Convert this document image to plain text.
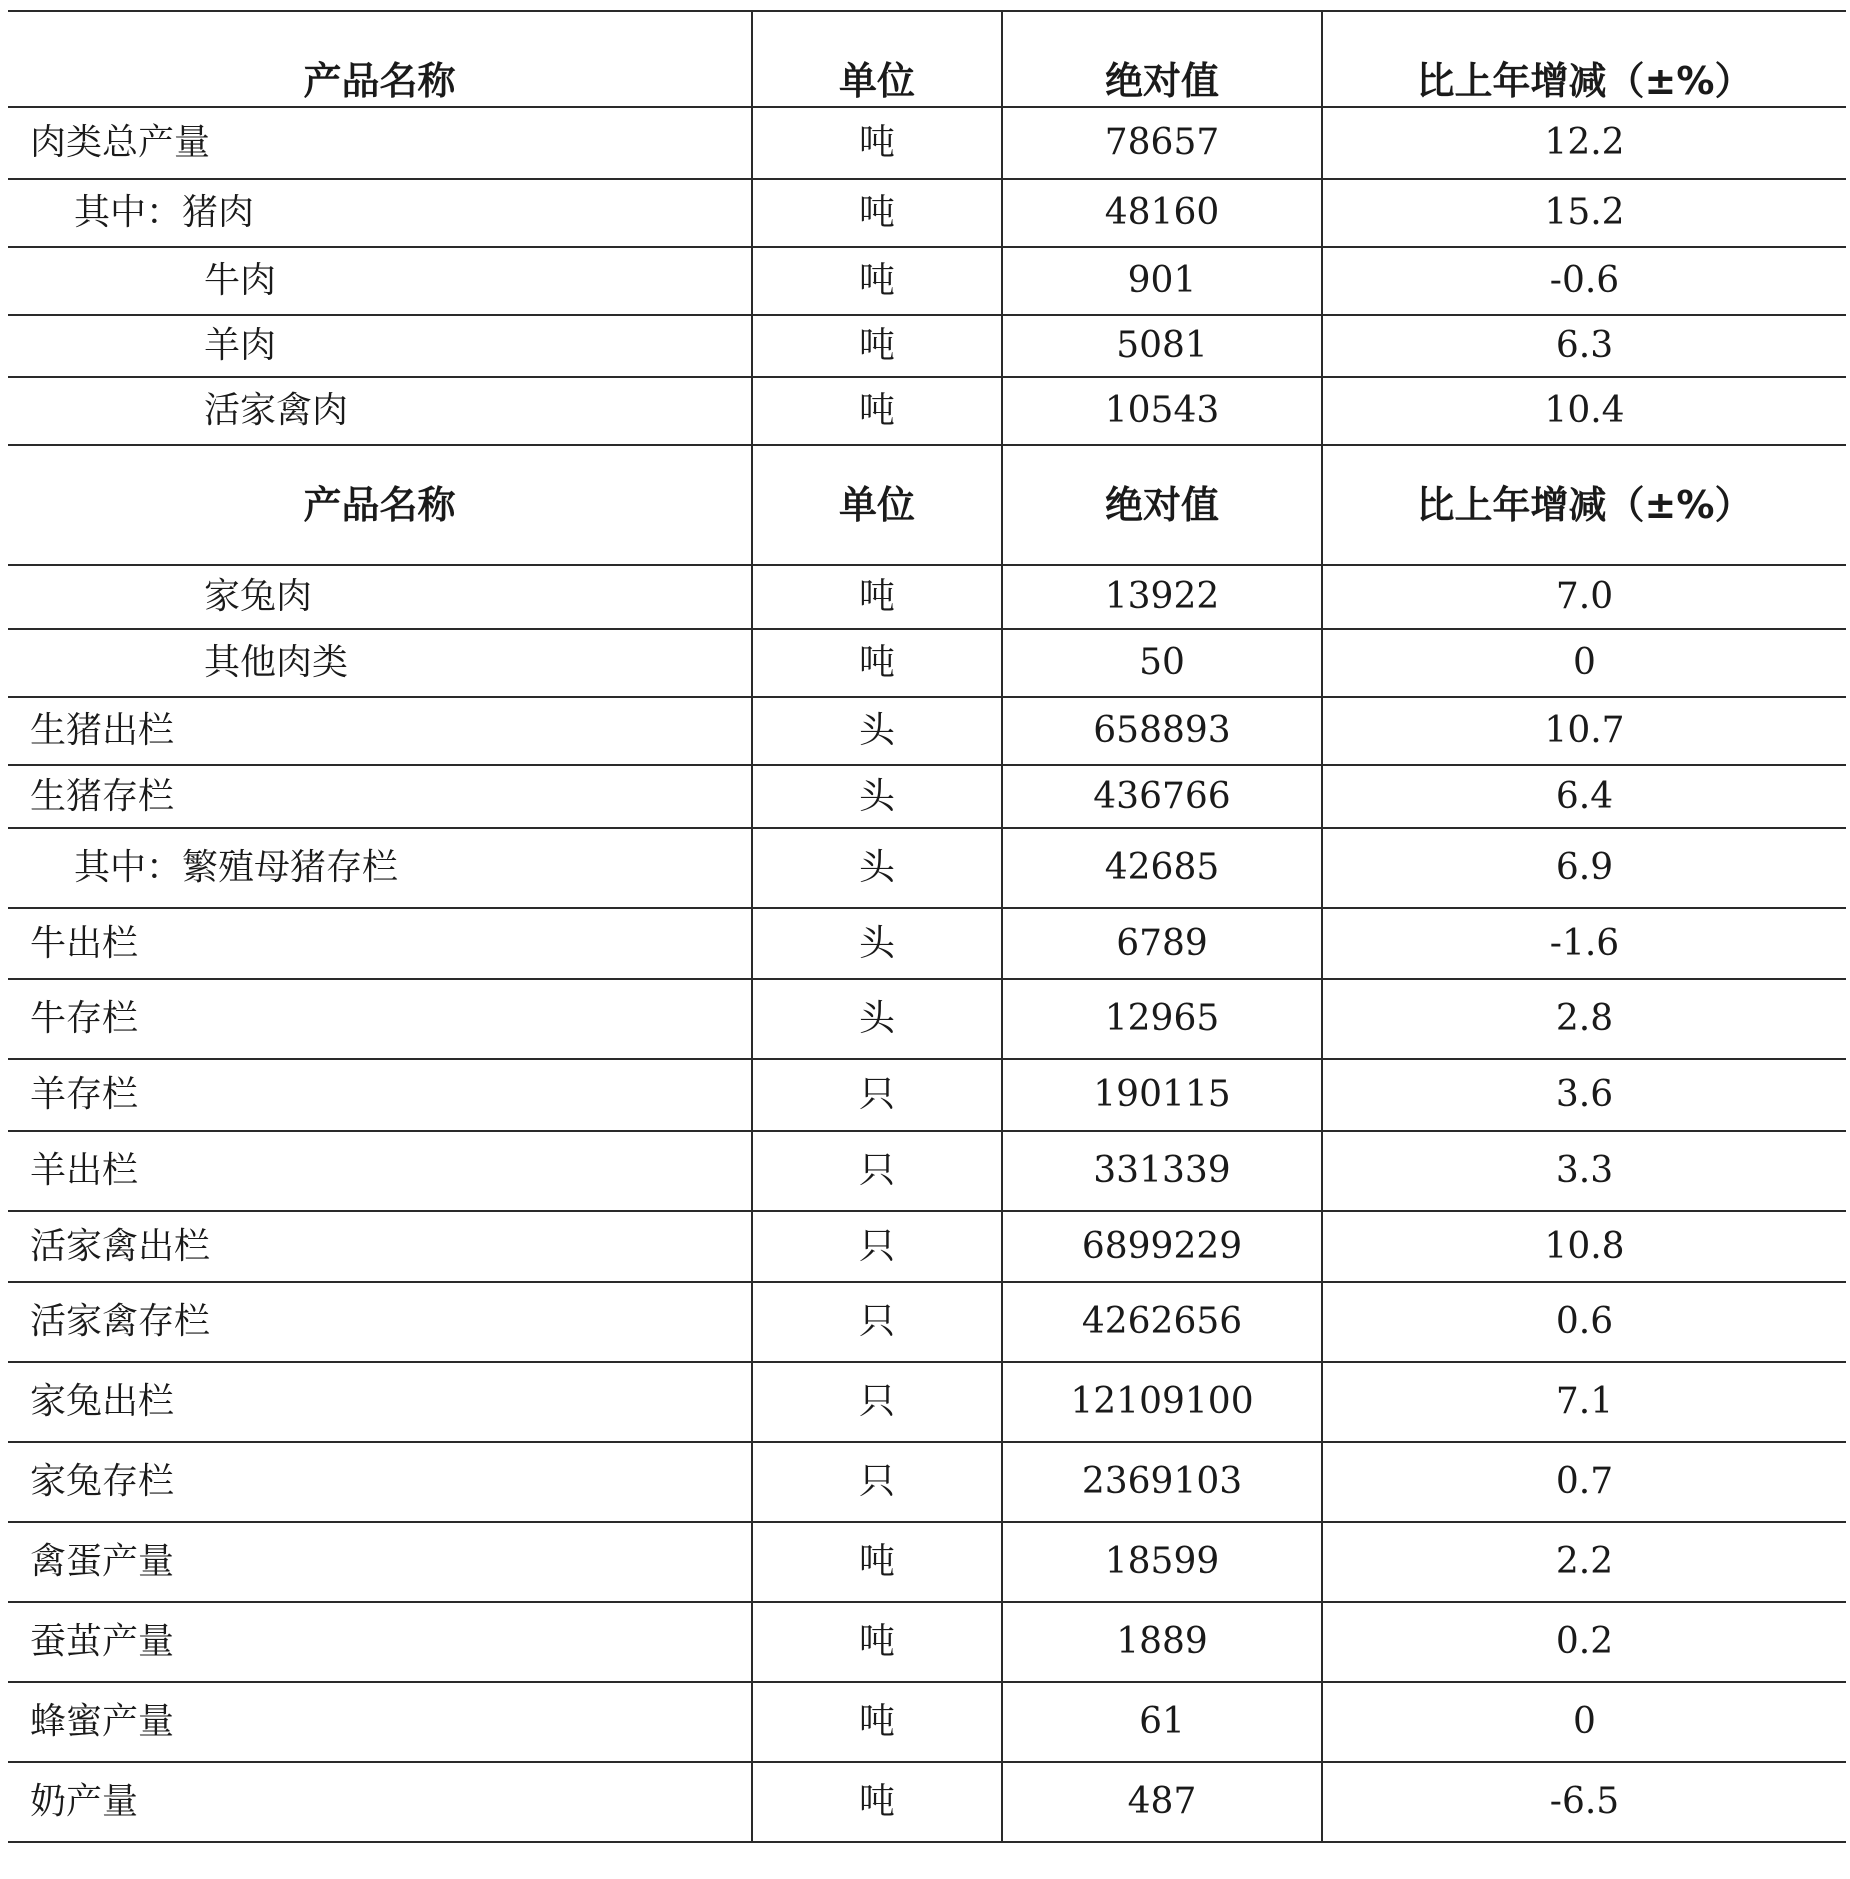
产品名称	单位	绝对值	比上年增减（±%）
肉类总产量	吨	78657	12.2
其中：猪肉	吨	48160	15.2
牛肉	吨	901	-0.6
羊肉	吨	5081	6.3
活家禽肉	吨	10543	10.4
产品名称	单位	绝对值	比上年增减（±%）
家兔肉	吨	13922	7.0
其他肉类	吨	50	0
生猪出栏	头	658893	10.7
生猪存栏	头	436766	6.4
其中：繁殖母猪存栏	头	42685	6.9
牛出栏	头	6789	-1.6
牛存栏	头	12965	2.8
羊存栏	只	190115	3.6
羊出栏	只	331339	3.3
活家禽出栏	只	6899229	10.8
活家禽存栏	只	4262656	0.6
家兔出栏	只	12109100	7.1
家兔存栏	只	2369103	0.7
禽蛋产量	吨	18599	2.2
蚕茧产量	吨	1889	0.2
蜂蜜产量	吨	61	0
奶产量	吨	487	-6.5
